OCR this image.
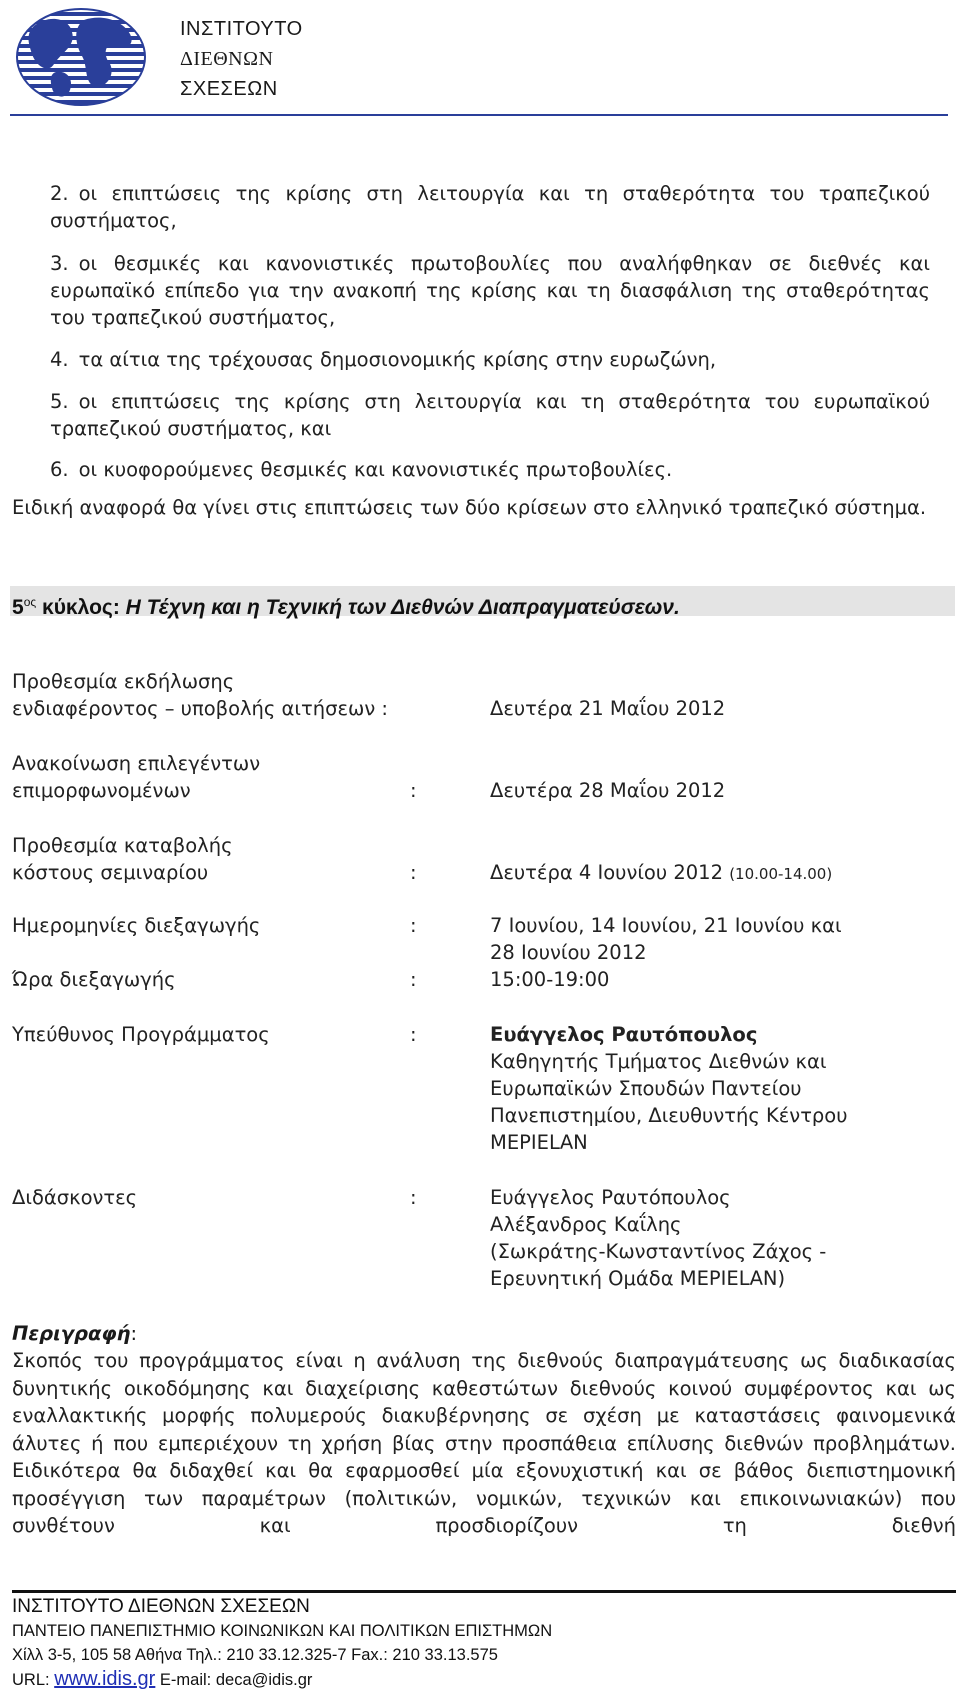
ΙΝΣΤΙΤΟΥΤΟ
ΔΙΕΘΝΩΝ
ΣΧΕΣΕΩΝ
2. οι επιπτώσεις της κρίσης στη λειτουργία και τη σταθερότητα του τραπεζικού συστήματος,
3. οι θεσμικές και κανονιστικές πρωτοβουλίες που αναλήφθηκαν σε διεθνές και ευρωπαϊκό επίπεδο για την ανακοπή της κρίσης και τη διασφάλιση της σταθερότητας του τραπεζικού συστήματος,
4. τα αίτια της τρέχουσας δημοσιονομικής κρίσης στην ευρωζώνη,
5. οι επιπτώσεις της κρίσης στη λειτουργία και τη σταθερότητα του ευρωπαϊκού τραπεζικού συστήματος, και
6. οι κυοφορούμενες θεσμικές και κανονιστικές πρωτοβουλίες.
Ειδική αναφορά θα γίνει στις επιπτώσεις των δύο κρίσεων στο ελληνικό τραπεζικό σύστημα.
$5^{o\varsigma}$ κύκλος: Η Τέχνη και η Τεχνική των Διεθνών Διαπραγματεύσεων.
Προθεσμία εκδήλωσης
ενδιαφέροντος – υποβολής αιτήσεων :	Δευτέρα 21 Μαΐου 2012
Ανακοίνωση επιλεγέντων
επιμορφωνομένων	:	Δευτέρα 28 Μαΐου 2012
Προθεσμία καταβολής
κόστους σεμιναρίου	:	Δευτέρα 4 Ιουνίου 2012 (10.00-14.00)
Ημερομηνίες διεξαγωγής	:	7 Ιουνίου, 14 Ιουνίου, 21 Ιουνίου και
28 Ιουνίου 2012
Ώρα διεξαγωγής	:	15:00-19:00
Υπεύθυνος Προγράμματος	:	Ευάγγελος Ραυτόπουλος
Καθηγητής Τμήματος Διεθνών και
Ευρωπαϊκών Σπουδών Παντείου
Πανεπιστημίου, Διευθυντής Κέντρου
ΜΕΡΙΕLΑΝ
Διδάσκοντες	:	Ευάγγελος Ραυτόπουλος
Αλέξανδρος Καΐλης
(Σωκράτης-Κωνσταντίνος Ζάχος -
Ερευνητική Ομάδα ΜΕΡΙΕLΑΝ)
Περιγραφή:
Σκοπός του προγράμματος είναι η ανάλυση της διεθνούς διαπραγμάτευσης ως διαδικασίας δυνητικής οικοδόμησης και διαχείρισης καθεστώτων διεθνούς κοινού συμφέροντος και ως εναλλακτικής μορφής πολυμερούς διακυβέρνησης σε σχέση με καταστάσεις φαινομενικά άλυτες ή που εμπεριέχουν τη χρήση βίας στην προσπάθεια επίλυσης διεθνών προβλημάτων. Ειδικότερα θα διδαχθεί και θα εφαρμοσθεί μία εξονυχιστική και σε βάθος διεπιστημονική προσέγγιση των παραμέτρων (πολιτικών, νομικών, τεχνικών και επικοινωνιακών) που συνθέτουν και προσδιορίζουν τη διεθνή
ΙΝΣΤΙΤΟΥΤΟ ΔΙΕΘΝΩΝ ΣΧΕΣΕΩΝ
ΠΑΝΤΕΙΟ ΠΑΝΕΠΙΣΤΗΜΙΟ ΚΟΙΝΩΝΙΚΩΝ ΚΑΙ ΠΟΛΙΤΙΚΩΝ ΕΠΙΣΤΗΜΩΝ
Χίλλ 3-5, 105 58 Αθήνα Τηλ.: 210 33.12.325-7 Fax.: 210 33.13.575
URL: www.idis.gr E-mail: deca@idis.gr
